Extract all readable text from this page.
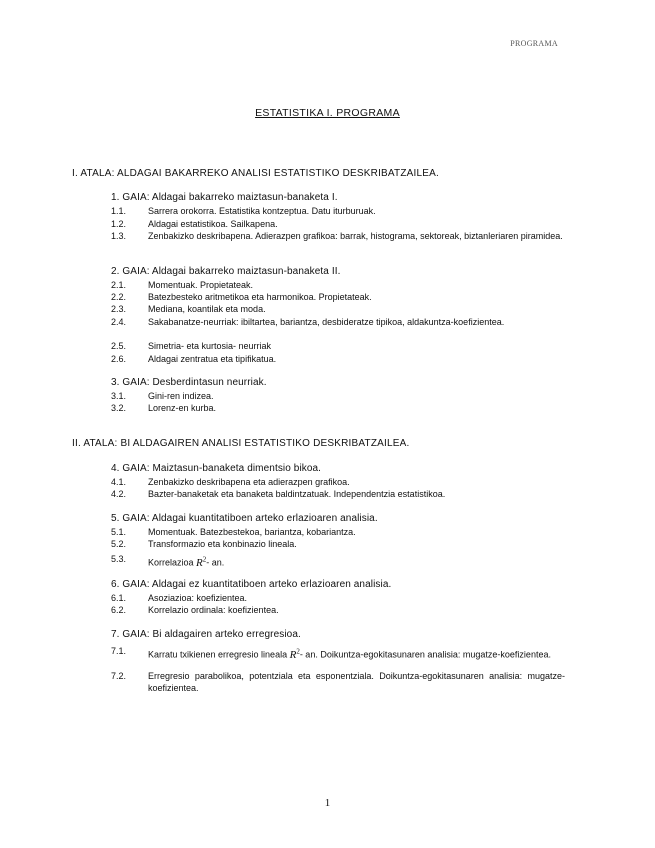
PROGRAMA
ESTATISTIKA I. PROGRAMA
I. ATALA: ALDAGAI BAKARREKO ANALISI ESTATISTIKO DESKRIBATZAILEA.
1. GAIA: Aldagai bakarreko maiztasun-banaketa I.
1.1.	Sarrera orokorra. Estatistika kontzeptua. Datu iturburuak.
1.2.	Aldagai estatistikoa. Sailkapena.
1.3.	Zenbakizko deskribapena. Adierazpen grafikoa: barrak, histograma, sektoreak, biztanleriaren piramidea.
2. GAIA: Aldagai bakarreko maiztasun-banaketa II.
2.1.	Momentuak. Propietateak.
2.2.	Batezbesteko aritmetikoa eta harmonikoa. Propietateak.
2.3.	Mediana, koantilak eta moda.
2.4.	Sakabanatze-neurriak: ibiltartea, bariantza, desbideratze tipikoa, aldakuntza-koefizientea.
2.5.	Simetria- eta kurtosia- neurriak
2.6.	Aldagai zentratua eta tipifikatua.
3. GAIA: Desberdintasun neurriak.
3.1.	Gini-ren indizea.
3.2.	Lorenz-en kurba.
II. ATALA: BI ALDAGAIREN ANALISI ESTATISTIKO DESKRIBATZAILEA.
4. GAIA: Maiztasun-banaketa dimentsio bikoa.
4.1.	Zenbakizko deskribapena eta adierazpen grafikoa.
4.2.	Bazter-banaketak eta banaketa baldintzatuak. Independentzia estatistikoa.
5. GAIA: Aldagai kuantitatiboen arteko erlazioaren analisia.
5.1.	Momentuak. Batezbestekoa, bariantza, kobariantza.
5.2.	Transformazio eta konbinazio lineala.
5.3.	Korrelazioa $R^2-$ an.
6. GAIA: Aldagai ez kuantitatiboen arteko erlazioaren analisia.
6.1.	Asoziazioa: koefizientea.
6.2.	Korrelazio ordinala: koefizientea.
7. GAIA: Bi aldagairen arteko erregresioa.
7.1.	Karratu txikienen erregresio lineala $R^2-$ an. Doikuntza-egokitasunaren analisia: mugatze-koefizientea.
7.2.	Erregresio parabolikoa, potentziala eta esponentziala. Doikuntza-egokitasunaren analisia: mugatze-koefizientea.
1
